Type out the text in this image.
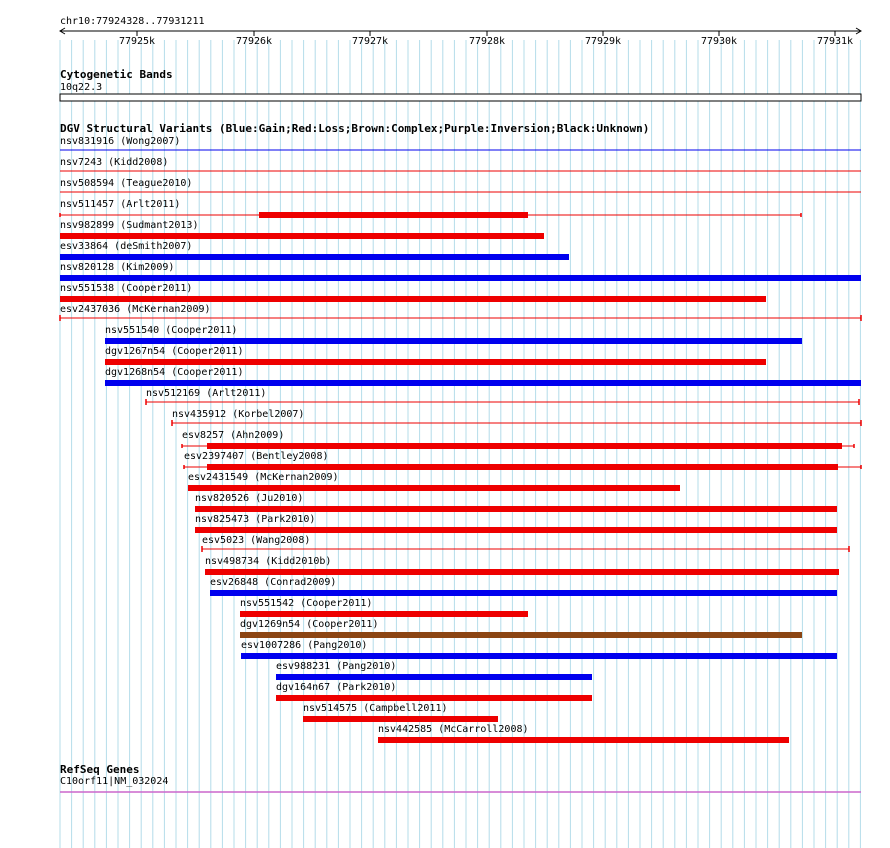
chr10:77924328..77931211
77925k	77926k	77927k	77928k	77929k	77930k	77931k
Cytogenetic Bands
10q22.3
DGV Structural Variants (Blue:Gain;Red:Loss;Brown:Complex;Purple:Inversion;Black:Unknown)
nsv831916 (Wong2007)
nsv7243 (Kidd2008)
nsv508594 (Teague2010)
nsv511457 (Arlt2011)
nsv982899 (Sudmant2013)
esv33864 (deSmith2007)
nsv820128 (Kim2009)
nsv551538 (Cooper2011)
esv2437036 (McKernan2009)
nsv551540 (Cooper2011)
dgv1267n54 (Cooper2011)
dgv1268n54 (Cooper2011)
nsv512169 (Arlt2011)
nsv435912 (Korbel2007)
esv8257 (Ahn2009)
esv2397407 (Bentley2008)
esv2431549 (McKernan2009)
nsv820526 (Ju2010)
nsv825473 (Park2010)
esv5023 (Wang2008)
nsv498734 (Kidd2010b)
esv26848 (Conrad2009)
nsv551542 (Cooper2011)
dgv1269n54 (Cooper2011)
esv1007286 (Pang2010)
esv988231 (Pang2010)
dgv164n67 (Park2010)
nsv514575 (Campbell2011)
nsv442585 (McCarroll2008)
RefSeq Genes
C10orf11|NM_032024
